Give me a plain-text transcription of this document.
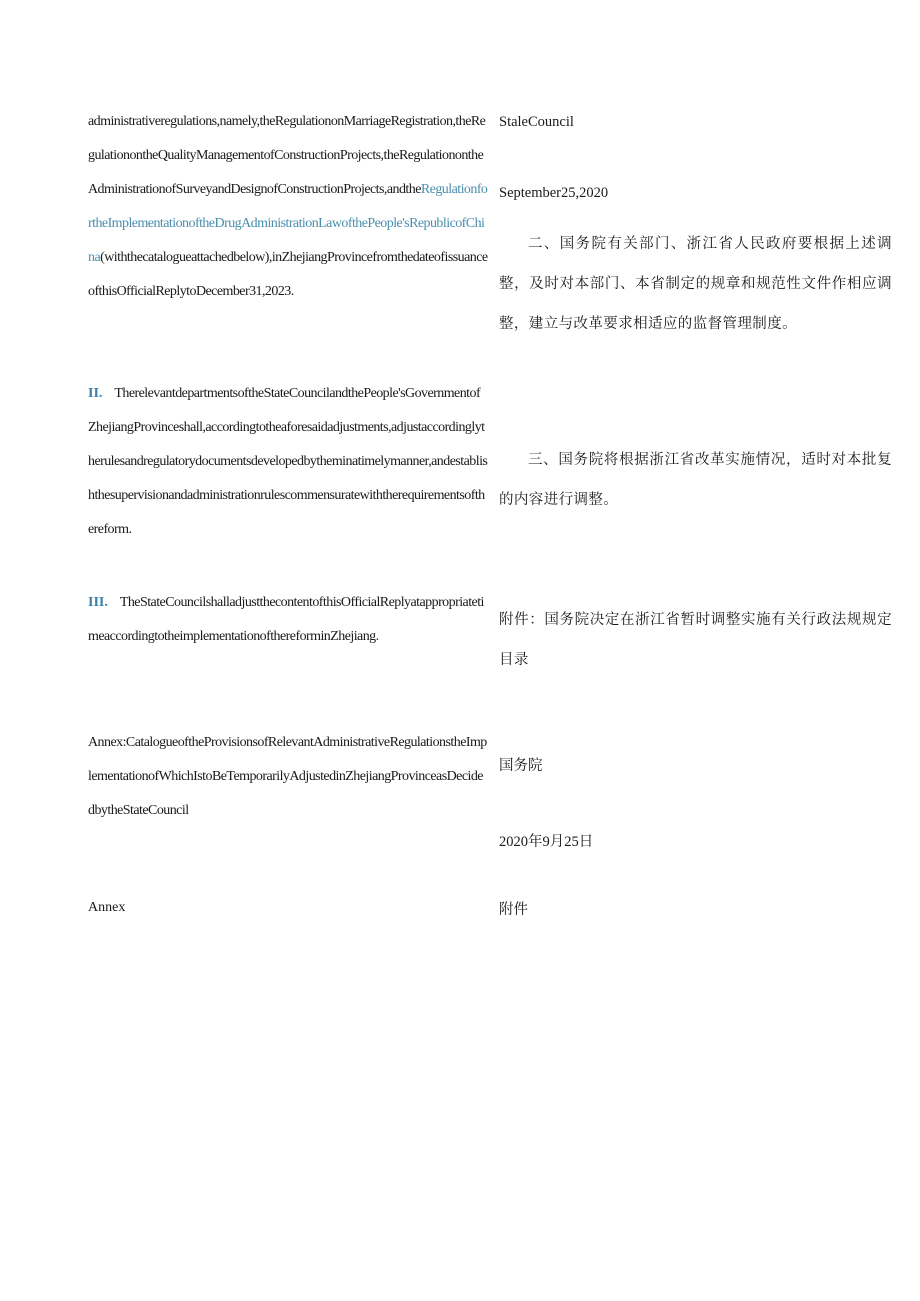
administrativeregulations,namely,theRegulationonMarriageRegistration,theRegulationontheQualityManagementofConstructionProjects,theRegulationontheAdministrationofSurveyandDesignofConstructionProjects,andtheRegulationfortheImplementationoftheDrugAdministrationLawofthePeople'sRepublicofChina(withthecatalogueattachedbelow),inZhejiangProvincefromthedateofissuanceofthisOfficialReplytoDecember31,2023.

II. TherelevantdepartmentsoftheStateCouncilandthePeople'sGovernmentofZhejiangProvinceshall,accordingtotheaforesaidadjustments,adjustaccordinglytherulesandregulatorydocumentsdevelopedbytheminatimelymanner,andestablishthesupervisionandadministrationrulescommensuratewiththerequirementsofthereform.

III. TheStateCouncilshalladjustthecontentofthisOfficialReplyatappropriatetimeaccordingtotheimplementationofthereforminZhejiang.

Annex:CatalogueoftheProvisionsofRelevantAdministrativeRegulationstheImplementationofWhichIstoBeTemporarilyAdjustedinZhejiangProvinceasDecidedbytheStateCouncil

Annex

StaleCouncil

September25,2020

二、国务院有关部门、浙江省人民政府要根据上述调整，及时对本部门、本省制定的规章和规范性文件作相应调整，建立与改革要求相适应的监督管理制度。

三、国务院将根据浙江省改革实施情况，适时对本批复的内容进行调整。

附件：国务院决定在浙江省暂时调整实施有关行政法规规定目录

国务院

2020年9月25日

附件
